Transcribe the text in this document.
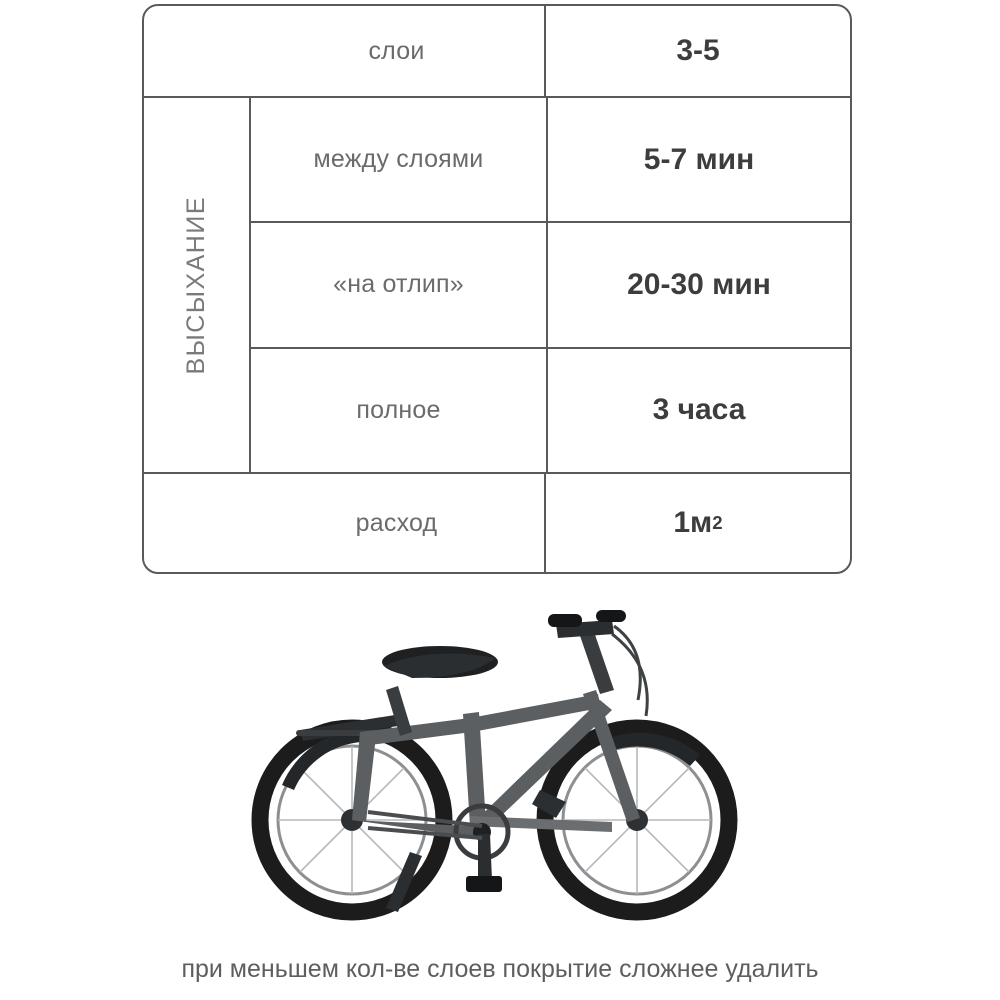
слои	3-5
ВЫСЫХАНИЕ
между слоями	5-7 мин
«на отлип»	20-30 мин
полное	3 часа
расход	1м 2
при меньшем кол-ве слоев покрытие сложнее удалить
